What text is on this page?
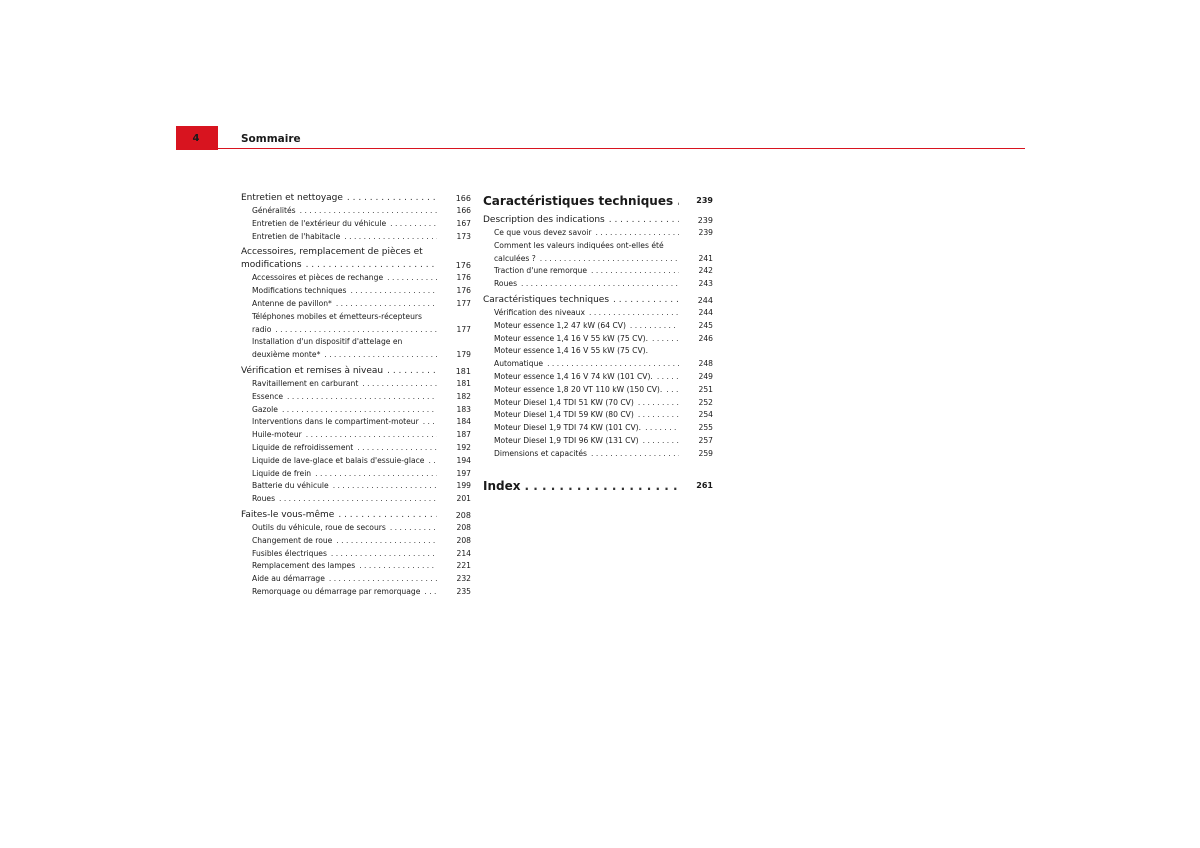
4	Sommaire
Entretien et nettoyage . . .	166
Généralités . . .	166
Entretien de l'extérieur du véhicule . . .	167
Entretien de l'habitacle . . .	173
Accessoires, remplacement de pièces et
modifications . . .	176
Accessoires et pièces de rechange . . .	176
Modifications techniques . . .	176
Antenne de pavillon* . . .	177
Téléphones mobiles et émetteurs-récepteurs
radio . . .	177
Installation d'un dispositif d'attelage en
deuxième monte* . . .	179
Vérification et remises à niveau . . .	181
Ravitaillement en carburant . . .	181
Essence . . .	182
Gazole . . .	183
Interventions dans le compartiment-moteur . . .	184
Huile-moteur . . .	187
Liquide de refroidissement . . .	192
Liquide de lave-glace et balais d'essuie-glace . . .	194
Liquide de frein . . .	197
Batterie du véhicule . . .	199
Roues . . .	201
Faites-le vous-même . . .	208
Outils du véhicule, roue de secours . . .	208
Changement de roue . . .	208
Fusibles électriques . . .	214
Remplacement des lampes . . .	221
Aide au démarrage . . .	232
Remorquage ou démarrage par remorquage . . .	235
Caractéristiques techniques . . .	239
Description des indications . . .	239
Ce que vous devez savoir . . .	239
Comment les valeurs indiquées ont-elles été
calculées ? . . .	241
Traction d'une remorque . . .	242
Roues . . .	243
Caractéristiques techniques . . .	244
Vérification des niveaux . . .	244
Moteur essence 1,2 47 kW (64 CV) . . .	245
Moteur essence 1,4 16 V 55 kW (75 CV). . . .	246
Moteur essence 1,4 16 V 55 kW (75 CV).
Automatique . . .	248
Moteur essence 1,4 16 V 74 kW (101 CV). . . .	249
Moteur essence 1,8 20 VT 110 kW (150 CV). . . .	251
Moteur Diesel 1,4 TDI 51 KW (70 CV) . . .	252
Moteur Diesel 1,4 TDI 59 KW (80 CV) . . .	254
Moteur Diesel 1,9 TDI 74 KW (101 CV). . . .	255
Moteur Diesel 1,9 TDI 96 KW (131 CV) . . .	257
Dimensions et capacités . . .	259
Index . . .	261
